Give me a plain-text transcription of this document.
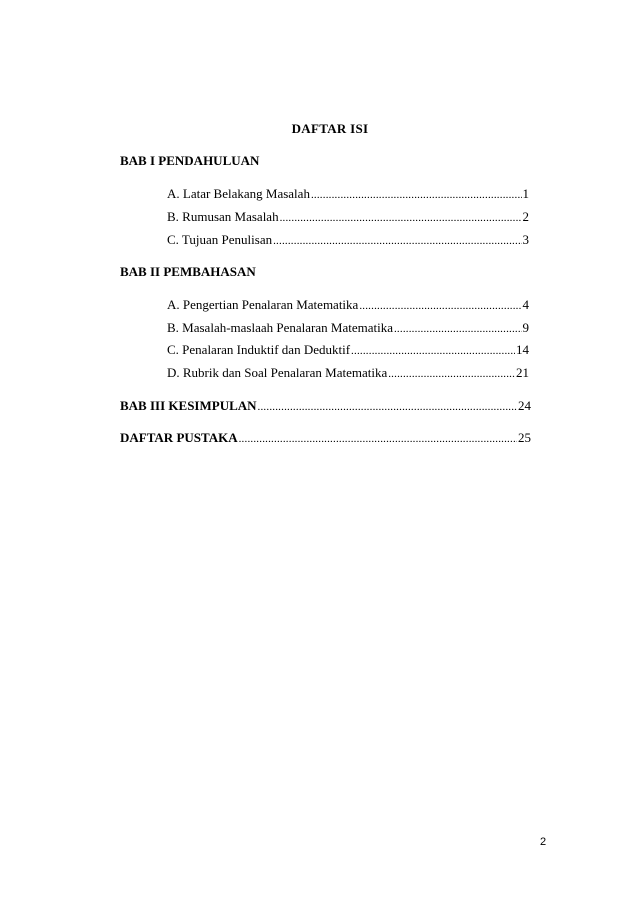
DAFTAR ISI
BAB I PENDAHULUAN
A. Latar Belakang Masalah .....	1
B. Rumusan Masalah .....	2
C. Tujuan Penulisan .....	3
BAB II PEMBAHASAN
A. Pengertian Penalaran Matematika .....	4
B. Masalah-maslaah Penalaran Matematika .....	9
C. Penalaran Induktif dan Deduktif .....	14
D. Rubrik dan Soal Penalaran Matematika .....	21
BAB III KESIMPULAN .....	24
DAFTAR PUSTAKA .....	25
2
